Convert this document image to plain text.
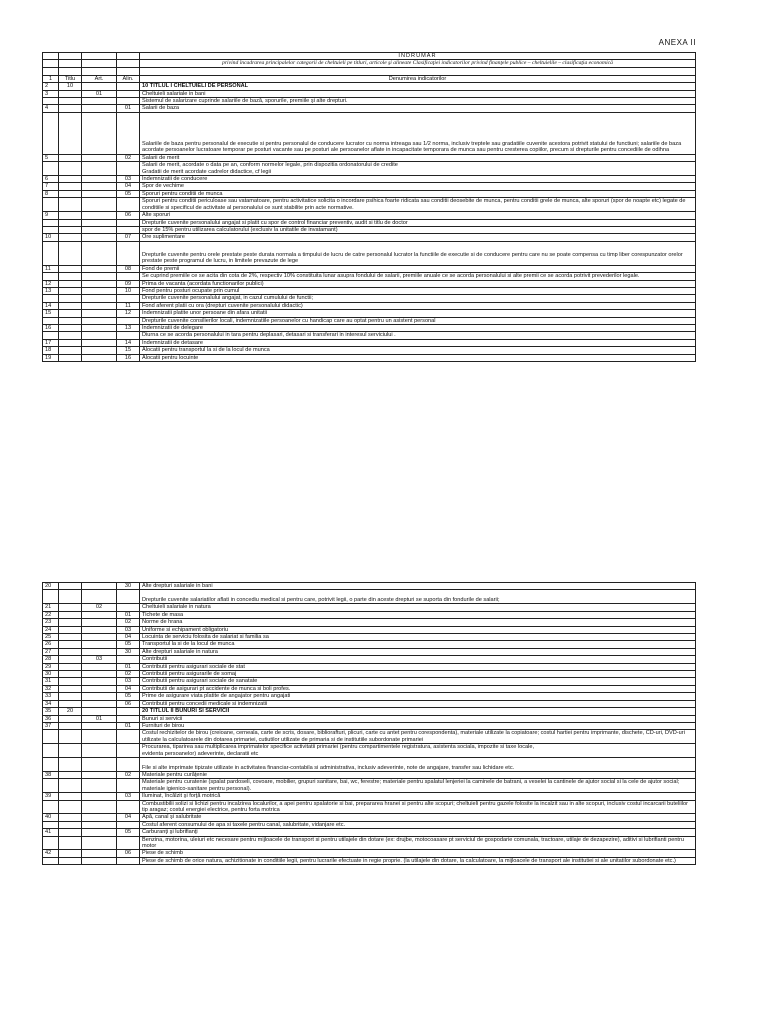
ANEXA II
				INDRUMAR
				privind încadrarea principalelor categorii de cheltuieli pe titluri, articole şi alineate Clasificaţiei indicatorilor privind finanţele publice – cheltuielile – clasificaţia economică

1	Titlu	Art.	Alin.	Denumirea indicatorilor
2	10			10 TITLUL I CHELTUIELI DE PERSONAL
3		01		Cheltuieli salariale in bani
				Sistemul de salarizare cuprinde salariile de bază, sporurile, premiile şi alte drepturi.
4			01	Salarii de baza
				Salariile de baza pentru personalul de executie si pentru personalul de conducere lucrator cu norma intreaga sau 1/2 norma, inclusiv treptele sau gradatiile cuvenite acestora potrivit statului de functiuni; salariile de baza acordate persoanelor lucratoare temporar pe posturi vacante sau pe posturi ale persoanelor aflate in incapacitate temporara de munca sau pentru cresterea copiilor, precum si drepturile pentru concediile de odihna
5			02	Salarii de merit
				Salarii de merit, acordate o data pe an, conform normelor legale, prin dispozitia ordonatorului de credite
Gradatii de merit acordate cadrelor didactice, cf legii
6			03	Indemnizatii de conducere
7			04	Spor de vechime
8			05	Sporuri pentru conditii de munca
				Sporuri pentru conditii periculoase sau vatamatoare, pentru activitatice solicita o incordare psihica foarte ridicata sau conditii deosebite de munca, pentru conditii grele de munca, alte sporuri (spor de noapte etc) legate de conditiile si specificul de activitate al personalului ce sunt stabilite prin acte normative.
9			06	Alte sporuri
				Drepturile cuvenite personalului angajat si platit cu spor de control financiar preventiv, audit si titlu de doctor
				spor de 15% pentru utilizarea calculatorului (exclusiv la unitatile de invatamant)
10			07	Ore suplimentare
				Drepturile cuvenite pentru orele prestate peste durata normala a timpului de lucru de catre personalul lucrator la functiile de executie si de conducere pentru care nu se poate compensa cu timp liber corespunzator orelor prestate peste programul de lucru, in limitele prevazute de lege
11			08	Fond de premii
				Se cuprind premiile ce se acita din cota de 2%, respectiv 10% constituita lunar asupra fondului de salarii, premiile anuale ce se acorda personalului si alte premii ce se acorda potrivit prevederilor legale.
12			09	Prima de vacanta (acordata functionarilor publici)
13			10	Fond pentru posturi ocupate prin cumul
				Drepturile cuvenite personalului angajat, in cazul cumulului de functii;
14			11	Fond aferent platii cu ora (drepturi cuvenite personalului didactic)
15			12	Indemnizatii platite unor persoane din afara unitatii
				Drepturile cuvenite consilierilor locali, indemnizatiile persoanelor cu handicap care au optat pentru un asistent personal
16			13	Indemnizatii de delegare
				Diurna ce se acorda personalului in tara pentru deplasari, detasari si transferari in interesul serviciului .
17			14	Indemnizatii de detasare
18			15	Alocatii pentru transportul la si de la locul de munca
19			16	Alocatii pentru locuinte
20			30	Alte drepturi salariale in bani
				Drepturile cuvenite salariatilor aflati in concediu medical si pentru care, potrivit legii, o parte din aceste drepturi se suporta din fondurile de salarii;
21		02		Cheltuieli salariale in natura
22			01	Tichete de masa
23			02	Norme de hrana
24			03	Uniforme si echipament obligatoriu
25			04	Locuinta de serviciu folosita de salariat si familia sa
26			05	Transportul la si de la locul de munca
27			30	Alte drepturi salariale in natura
28		03		Contributii
29			01	Contributii pentru asigurari sociale de stat
30			02	Contributii pentru asigurarile de somaj
31			03	Contributii pentru asigurari sociale de sanatate
32			04	Contributii de asigurari pt accidente de munca si boli profes.
33			05	Prime de asigurare viata platite de angajator pentru angajati
34			06	Contributii pentru concedii medicale si indemnizatii
35	20			20 TITLUL II BUNURI SI SERVICII
36		01		Bunuri si servicii
37			01	Furnituri de birou
				Costul rechizitelor de birou (creioane, cerneala, carte de scris, dosare, bibliorafturi, plicuri, carte cu antet pentru corespondenta), materiale utilizate la copiatoare; costul hartiei pentru imprimante, dischete, CD-uri, DVD-uri utilizate la calculatoarele din dotarea primariei, cutiutilor utilizate de primaria si de institutiile subordonate primariei
				Procurarea, tiparirea sau multiplicarea imprimatelor specifice activitatii primariei (pentru compartimentele registratura, asistenta sociala, impozite si taxe locale,
evidenta persoanelor) adeverinte, declaratii etc
				File si alte imprimate tipizate utilizate in activitatea financiar-contabila si administrativa, inclusiv adeverinte, note de angajare, transfer sau lichidare etc.
38			02	Materiale pentru curăţenie
				Materiale pentru curatenie (spalat pardoseli, covoare, mobilier, grupuri sanitare, bai, wc, ferestre; materiale pentru spalatul lenjeriei la caminele de batrani, a veselei la cantinele de ajutor social si la cele de ajutor social; materiale igienico-sanitare pentru personal).
39			03	Iluminat, încălzit şi forţă motrică
				Combustibilii solizi si lichizi pentru incalzirea localurilor, a apei pentru spalatorie si bai, prepararea hranei si pentru alte scopuri; cheltuieli pentru gazele folosite la incalzit sau in alte scopuri, inclusiv costul incarcarii buteliilor tip aragaz; costul energiei electrice, pentru forta motrica
40			04	Apă, canal şi salubritate
				Costul aferent consumului de apa si taxele pentru canal, salubritate, vidanjare etc.
41			05	Carburanţi şi lubrifianţi
				Benzina, motorina, uleiuri etc necesare pentru mijloacele de transport si pentru utilajele din dotare (ex: drujbe, motocoasare pt serviciul de gospodarie comunala, tractoare, utilaje de dezapezire), aditivi si lubrifianti pentru motor
42			06	Piese de schimb
				Piese de schimb de orice natura, achizitionate in conditiile legii, pentru lucrarile efectuate in regie proprie. (la utilajele din dotare, la calculatoare, la mijloacele de transport ale institutiei si ale unitatilor subordonate etc.)
